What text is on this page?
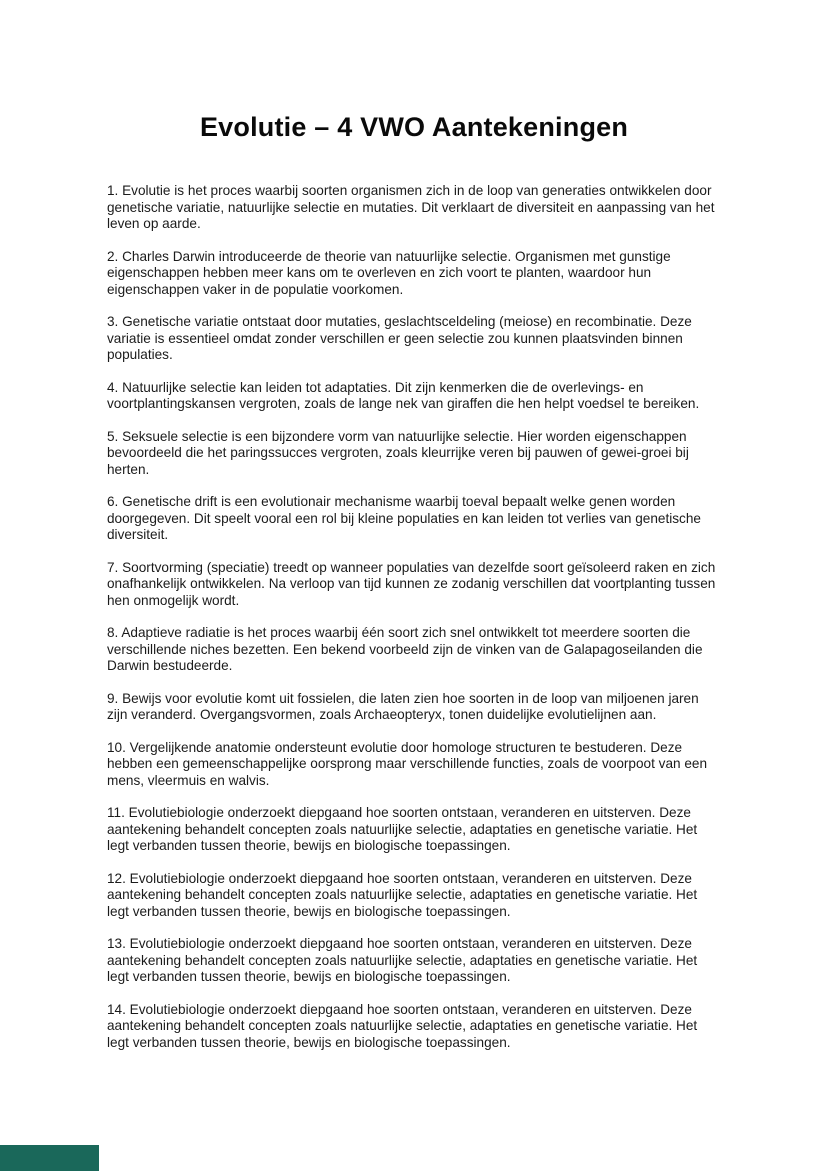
Evolutie – 4 VWO Aantekeningen

1. Evolutie is het proces waarbij soorten organismen zich in de loop van generaties ontwikkelen door genetische variatie, natuurlijke selectie en mutaties. Dit verklaart de diversiteit en aanpassing van het leven op aarde.

2. Charles Darwin introduceerde de theorie van natuurlijke selectie. Organismen met gunstige eigenschappen hebben meer kans om te overleven en zich voort te planten, waardoor hun eigenschappen vaker in de populatie voorkomen.

3. Genetische variatie ontstaat door mutaties, geslachtsceldeling (meiose) en recombinatie. Deze variatie is essentieel omdat zonder verschillen er geen selectie zou kunnen plaatsvinden binnen populaties.

4. Natuurlijke selectie kan leiden tot adaptaties. Dit zijn kenmerken die de overlevings- en voortplantingskansen vergroten, zoals de lange nek van giraffen die hen helpt voedsel te bereiken.

5. Seksuele selectie is een bijzondere vorm van natuurlijke selectie. Hier worden eigenschappen bevoordeeld die het paringssucces vergroten, zoals kleurrijke veren bij pauwen of gewei-groei bij herten.

6. Genetische drift is een evolutionair mechanisme waarbij toeval bepaalt welke genen worden doorgegeven. Dit speelt vooral een rol bij kleine populaties en kan leiden tot verlies van genetische diversiteit.

7. Soortvorming (speciatie) treedt op wanneer populaties van dezelfde soort geïsoleerd raken en zich onafhankelijk ontwikkelen. Na verloop van tijd kunnen ze zodanig verschillen dat voortplanting tussen hen onmogelijk wordt.

8. Adaptieve radiatie is het proces waarbij één soort zich snel ontwikkelt tot meerdere soorten die verschillende niches bezetten. Een bekend voorbeeld zijn de vinken van de Galapagoseilanden die Darwin bestudeerde.

9. Bewijs voor evolutie komt uit fossielen, die laten zien hoe soorten in de loop van miljoenen jaren zijn veranderd. Overgangsvormen, zoals Archaeopteryx, tonen duidelijke evolutielijnen aan.

10. Vergelijkende anatomie ondersteunt evolutie door homologe structuren te bestuderen. Deze hebben een gemeenschappelijke oorsprong maar verschillende functies, zoals de voorpoot van een mens, vleermuis en walvis.

11. Evolutiebiologie onderzoekt diepgaand hoe soorten ontstaan, veranderen en uitsterven. Deze aantekening behandelt concepten zoals natuurlijke selectie, adaptaties en genetische variatie. Het legt verbanden tussen theorie, bewijs en biologische toepassingen.

12. Evolutiebiologie onderzoekt diepgaand hoe soorten ontstaan, veranderen en uitsterven. Deze aantekening behandelt concepten zoals natuurlijke selectie, adaptaties en genetische variatie. Het legt verbanden tussen theorie, bewijs en biologische toepassingen.

13. Evolutiebiologie onderzoekt diepgaand hoe soorten ontstaan, veranderen en uitsterven. Deze aantekening behandelt concepten zoals natuurlijke selectie, adaptaties en genetische variatie. Het legt verbanden tussen theorie, bewijs en biologische toepassingen.

14. Evolutiebiologie onderzoekt diepgaand hoe soorten ontstaan, veranderen en uitsterven. Deze aantekening behandelt concepten zoals natuurlijke selectie, adaptaties en genetische variatie. Het legt verbanden tussen theorie, bewijs en biologische toepassingen.
